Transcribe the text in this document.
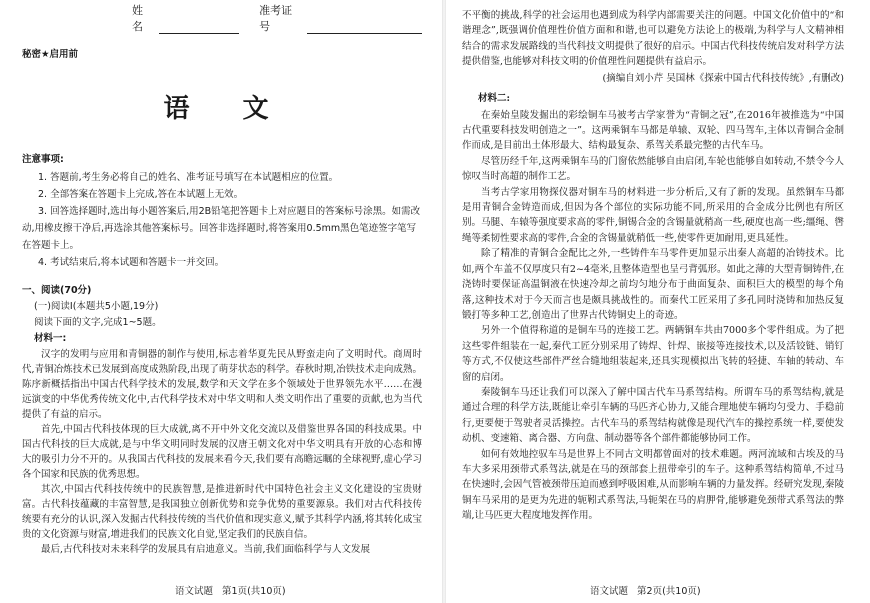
姓名
准考证号
秘密★启用前
语 文
注意事项:

1. 答题前,考生务必将自己的姓名、准考证号填写在本试题相应的位置。

2. 全部答案在答题卡上完成,答在本试题上无效。

3. 回答选择题时,选出每小题答案后,用2B铅笔把答题卡上对应题目的答案标号涂黑。如需改动,用橡皮擦干净后,再选涂其他答案标号。回答非选择题时,将答案用0.5mm黑色笔迹签字笔写在答题卡上。

4. 考试结束后,将本试题和答题卡一并交回。

一、阅读(70分)
(一)阅读Ⅰ(本题共5小题,19分)
阅读下面的文字,完成1~5题。
材料一:

汉字的发明与应用和青铜器的制作与使用,标志着华夏先民从野蛮走向了文明时代。商周时代,青铜冶炼技术已发展到高度成熟阶段,出现了萌芽状态的科学。春秋时期,冶铁技术走向成熟。陈序新概括指出中国古代科学技术的发展,数学和天文学在多个领域处于世界领先水平……在漫远演变的中华优秀传统文化中,古代科学技术对中华文明和人类文明作出了重要的贡献,也为当代提供了有益的启示。

首先,中国古代科技体现的巨大成就,离不开中外文化交流以及借鉴世界各国的科技成果。中国古代科技的巨大成就,是与中华文明同时发展的汉唐王朝文化对中华文明具有开放的心态和博大的吸引力分不开的。从我国古代科技的发展来看今天,我们要有高瞻远瞩的全球视野,虚心学习各个国家和民族的优秀思想。

其次,中国古代科技传统中的民族智慧,是推进新时代中国特色社会主义文化建设的宝贵财富。古代科技蕴藏的丰富智慧,是我国独立创新优势和竞争优势的重要源泉。我们对古代科技传统要有充分的认识,深入发掘古代科技传统的当代价值和现实意义,赋予其科学内涵,将其转化成宝贵的文化资源与财富,增进我们的民族文化自觉,坚定我们的民族自信。

最后,古代科技对未来科学的发展具有启迪意义。当前,我们面临科学与人文发展

语文试题   第1页(共10页)

不平衡的挑战,科学的社会运用也遇到成为科学内部需要关注的问题。中国文化价值中的“和谐理念”,既强调价值理性价值方面和和谐,也可以避免方法论上的极端,为科学与人文精神相结合的需求发展路线的当代科技文明提供了很好的启示。中国古代科技传统启发对科学方法提供借鉴,也能够对科技文明的价值理性问题提供有益启示。

(摘编自刘小芹 吴国林《探索中国古代科技传统》,有删改)
材料二:

在秦始皇陵发掘出的彩绘铜车马被考古学家誉为“青铜之冠”,在2016年被推选为“中国古代重要科技发明创造之一”。这两乘铜车马都是单辕、双轮、四马驾车,主体以青铜合金制作而成,是目前出土体形最大、结构最复杂、系驾关系最完整的古代车马。

尽管历经千年,这两乘铜车马的门窗依然能够自由启闭,车轮也能够自如转动,不禁令今人惊叹当时高超的制作工艺。

当考古学家用物探仪器对铜车马的材料进一步分析后,又有了新的发现。虽然铜车马都是用青铜合金铸造而成,但因为各个部位的实际功能不同,所采用的合金成分比例也有所区别。马腿、车辕等强度要求高的零件,铜锡合金的含锡量就稍高一些,硬度也高一些;缰绳、辔绳等柔韧性要求高的零件,合金的含锡量就稍低一些,使零件更加耐用,更具延性。

除了精准的青铜合金配比之外,一些铸件车马零件更加显示出秦人高超的冶铸技术。比如,两个车盖不仅厚度只有2~4毫米,且整体造型也呈弓背弧形。如此之薄的大型青铜铸件,在浇铸时要保证高温铜液在快速冷却之前均匀地分布于曲面复杂、面积巨大的模型的每个角落,这种技术对于今天而言也是颇具挑战性的。而秦代工匠采用了多孔同时浇铸和加热反复锻打等多种工艺,创造出了世界古代铸铜史上的奇迹。

另外一个值得称道的是铜车马的连接工艺。两辆铜车共由7000多个零件组成。为了把这些零件组装在一起,秦代工匠分别采用了铸焊、针焊、嵌接等连接技术,以及活铰链、销钉等方式,不仅使这些部件严丝合缝地组装起来,还具实现模拟出飞转的轻捷、车轴的转动、车窗的启闭。

秦陵铜车马还让我们可以深入了解中国古代车马系驾结构。所谓车马的系驾结构,就是通过合理的科学方法,既能让牵引车辆的马匹齐心协力,又能合理地使车辆均匀受力、手稳前行,更要便于驾驶者灵活操控。古代车马的系驾结构就像是现代汽车的操控系统一样,要使发动机、变速箱、离合器、方向盘、制动器等各个部件都能够协同工作。

如何有效地控驭车马是世界上不同古文明都曾面对的技术难题。两河流域和古埃及的马车大多采用颈带式系驾法,就是在马的颈部套上扭带牵引的车子。这种系驾结构简单,不过马在快速时,会因气管被颈带压迫而感到呼吸困难,从而影响车辆的力量发挥。经研究发现,秦陵铜车马采用的是更为先进的轭靷式系驾法,马轭架在马的肩胛骨,能够避免颈带式系驾法的弊端,让马匹更大程度地发挥作用。

语文试题   第2页(共10页)
